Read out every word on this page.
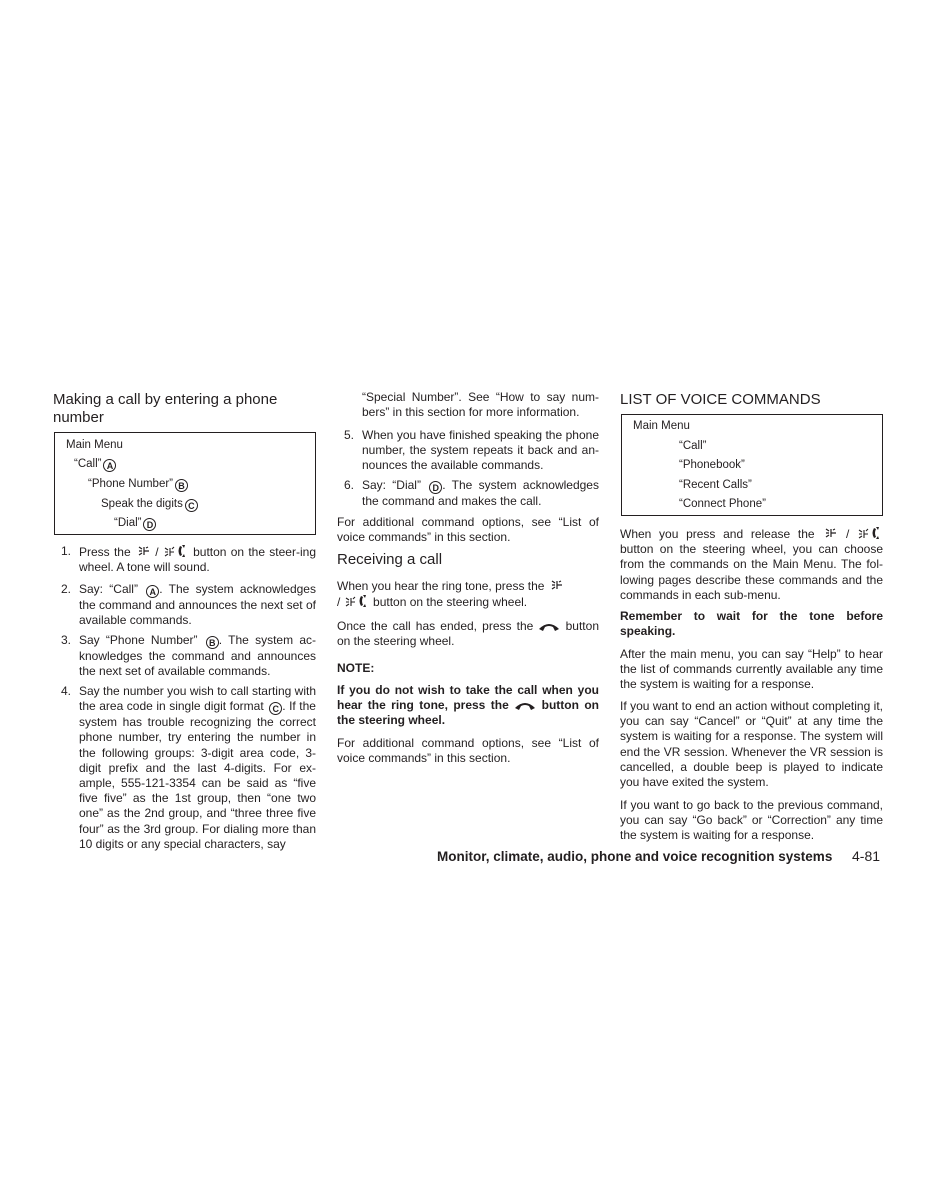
Making a call by entering a phone number
Main Menu
“Call” A
“Phone Number” B
Speak the digits C
“Dial” D
1. Press the  /	button on the steer-ing wheel. A tone will sound.

2. Say: “Call” A . The system acknowledges the command and announces the next set of available commands.

3. Say “Phone Number” B . The system ac-knowledges the command and announces the next set of available commands.

4. Say the number you wish to call starting with the area code in single digit format C . If the system has trouble recognizing the correct phone number, try entering the number in the following groups: 3-digit area code, 3-digit prefix and the last 4-digits. For ex-ample, 555-121-3354 can be said as “five five five” as the 1st group, then “one two one” as the 2nd group, and “three three five four” as the 3rd group. For dialing more than 10 digits or any special characters, say

“Special Number”. See “How to say num-bers” in this section for more information.

5. When you have finished speaking the phone number, the system repeats it back and an-nounces the available commands.

6. Say: “Dial” D . The system acknowledges the command and makes the call.

For additional command options, see “List of voice commands” in this section.

Receiving a call

When you hear the ring tone, press the
/  button on the steering wheel.

Once the call has ended, press the	button on the steering wheel.

NOTE:

If you do not wish to take the call when you hear the ring tone, press the	button on the steering wheel.

For additional command options, see “List of voice commands” in this section.

LIST OF VOICE COMMANDS
Main Menu
“Call”
“Phonebook”
“Recent Calls”
“Connect Phone”

When you press and release the  /  button on the steering wheel, you can choose from the commands on the Main Menu. The fol-lowing pages describe these commands and the commands in each sub-menu.

Remember to wait for the tone before speaking.

After the main menu, you can say “Help” to hear the list of commands currently available any time the system is waiting for a response.

If you want to end an action without completing it, you can say “Cancel” or “Quit” at any time the system is waiting for a response. The system will end the VR session. Whenever the VR session is cancelled, a double beep is played to indicate you have exited the system.

If you want to go back to the previous command, you can say “Go back” or “Correction” any time the system is waiting for a response.

Monitor, climate, audio, phone and voice recognition systems 4-81
